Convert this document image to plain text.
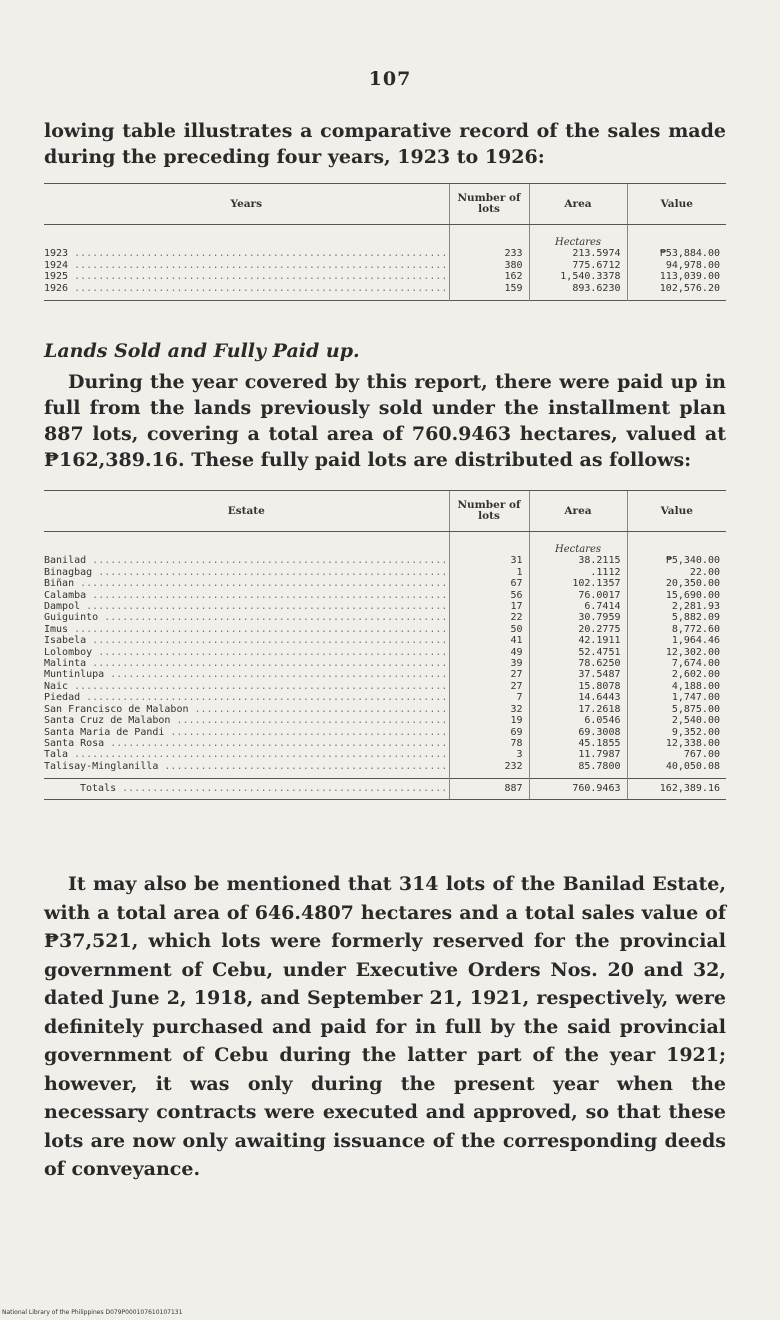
107

lowing table illustrates a comparative record of the sales made during the preceding four years, 1923 to 1926:

Years	Number of lots	Area	Value
		Hectares	
1923 .....	233	213.5974	₱53,884.00
1924 .....	380	775.6712	94,978.00
1925 .....	162	1,540.3378	113,039.00
1926 .....	159	893.6230	102,576.20
Lands Sold and Fully Paid up.

During the year covered by this report, there were paid up in full from the lands previously sold under the installment plan 887 lots, covering a total area of 760.9463 hectares, valued at ₱162,389.16. These fully paid lots are distributed as follows:

Estate	Number of lots	Area	Value
		Hectares	
Banilad .....	31	38.2115	₱5,340.00
Binagbag .....	1	.1112	22.00
Biñan .....	67	102.1357	20,350.00
Calamba .....	56	76.0017	15,690.00
Dampol .....	17	6.7414	2,281.93
Guiguinto .....	22	30.7959	5,882.09
Imus .....	50	20.2775	8,772.60
Isabela .....	41	42.1911	1,964.46
Lolomboy .....	49	52.4751	12,302.00
Malinta .....	39	78.6250	7,674.00
Muntinlupa .....	27	37.5487	2,602.00
Naic .....	27	15.8078	4,188.00
Piedad .....	7	14.6443	1,747.00
San Francisco de Malabon .....	32	17.2618	5,875.00
Santa Cruz de Malabon .....	19	6.0546	2,540.00
Santa Maria de Pandi .....	69	69.3008	9,352.00
Santa Rosa .....	78	45.1855	12,338.00
Tala .....	3	11.7987	767.00
Talisay-Minglanilla .....	232	85.7800	40,050.08
Totals .....	887	760.9463	162,389.16

It may also be mentioned that 314 lots of the Banilad Estate, with a total area of 646.4807 hectares and a total sales value of ₱37,521, which lots were formerly reserved for the provincial government of Cebu, under Executive Orders Nos. 20 and 32, dated June 2, 1918, and September 21, 1921, respectively, were definitely purchased and paid for in full by the said provincial government of Cebu during the latter part of the year 1921; however, it was only during the present year when the necessary contracts were executed and approved, so that these lots are now only awaiting issuance of the corresponding deeds of conveyance.

National Library of the Philippines D079P000107610107131
